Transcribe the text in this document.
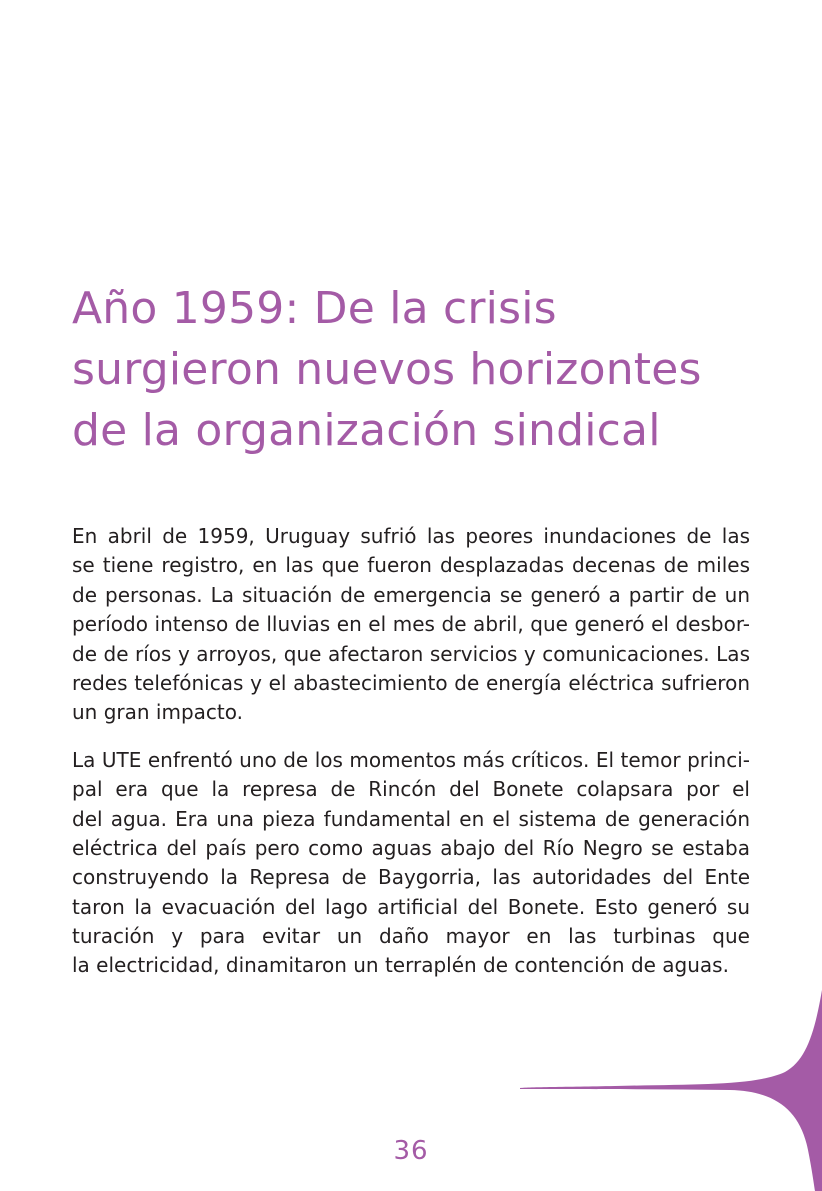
Año 1959: De la crisis
surgieron nuevos horizontes
de la organización sindical

En abril de 1959, Uruguay sufrió las peores inundaciones de las
se tiene registro, en las que fueron desplazadas decenas de miles
de personas. La situación de emergencia se generó a partir de un
período intenso de lluvias en el mes de abril, que generó el desbor-
de de ríos y arroyos, que afectaron servicios y comunicaciones. Las
redes telefónicas y el abastecimiento de energía eléctrica sufrieron
un gran impacto.

La UTE enfrentó uno de los momentos más críticos. El temor princi-
pal era que la represa de Rincón del Bonete colapsara por el
del agua. Era una pieza fundamental en el sistema de generación
eléctrica del país pero como aguas abajo del Río Negro se estaba
construyendo la Represa de Baygorria, las autoridades del Ente
taron la evacuación del lago artificial del Bonete. Esto generó su
turación y para evitar un daño mayor en las turbinas que
la electricidad, dinamitaron un terraplén de contención de aguas.

36
